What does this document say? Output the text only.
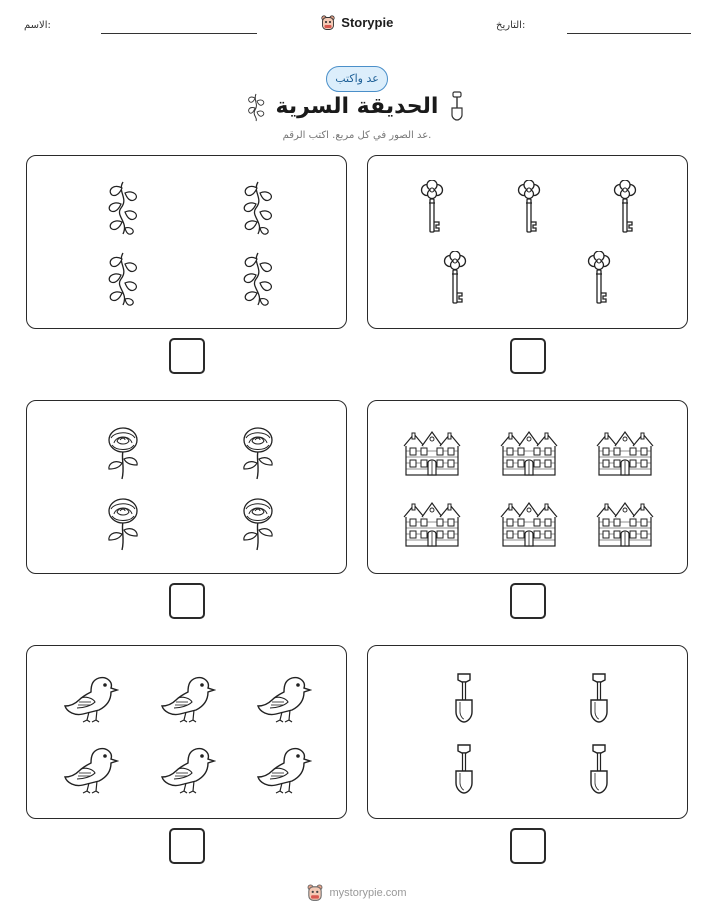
الاسم:	Storypie	التاريخ:
عد واكتب
الحديقة السرية
عد الصور في كل مربع. اكتب الرقم.
mystorypie.com
